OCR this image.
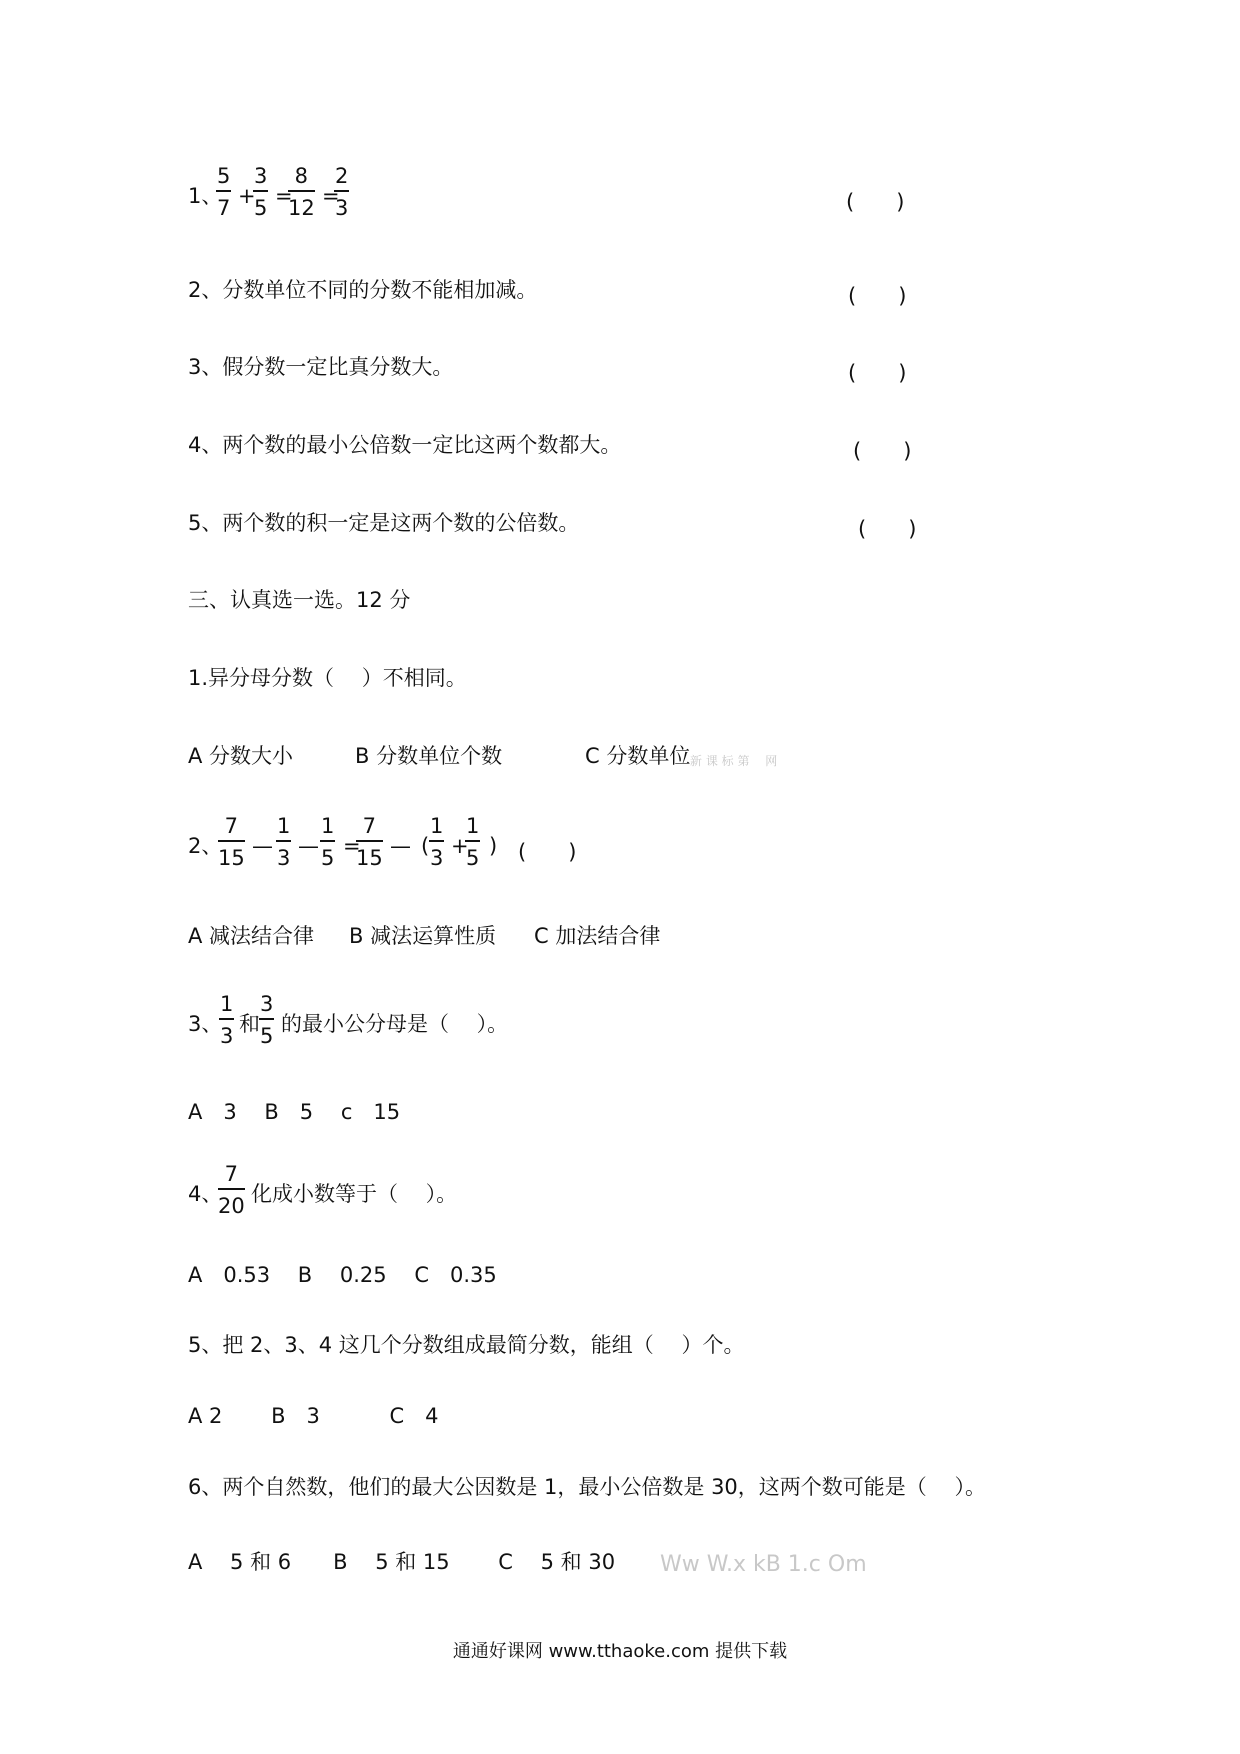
1、
5
7 +
3
5 =
8
12 =
2
3	(　　)
2、分数单位不同的分数不能相加减。	(　　)
3、假分数一定比真分数大。	(　　)
4、两个数的最小公倍数一定比这两个数都大。	(　　)
5、两个数的积一定是这两个数的公倍数。	(　　)
三、认真选一选。12 分
1.异分母分数（　 ）不相同。
A 分数大小	B 分数单位个数	C 分数单位 新 课 标 第 　网
2、
7
15 —
1
3 —
1
5 =
7
15 — (
1
3 +
1
5 ) (　　)
A 减法结合律 B 减法运算性质 C 加法结合律
3、
1
3 和
3
5 的最小公分母是（　 ）。
A　3　 B　5　 c　15
4、
7
20 化成小数等于（　 ）。
A　0.53　 B　 0.25　 C　0.35
5、把 2、3、4 这几个分数组成最简分数，能组（　 ）个。
A 2　　 B　3　　　 C　4
6、两个自然数，他们的最大公因数是 1，最小公倍数是 30，这两个数可能是（　 ）。
A　 5 和 6　　B　 5 和 15　　 C　 5 和 30 Ww W.x kB 1.c Om
通通好课网 www.tthaoke.com 提供下载
